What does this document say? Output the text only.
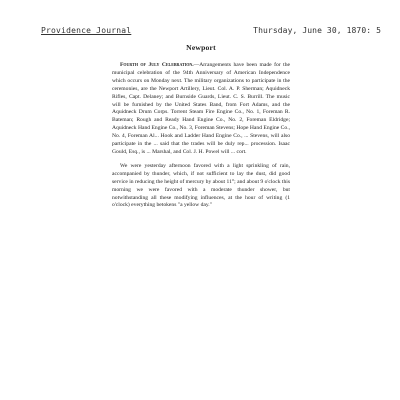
Providence Journal	Thursday, June 30, 1870: 5
Newport

Fourth of July Celebration.—Arrangements have been made for the municipal celebration of the 94th Anniversary of American Independence which occurs on Monday next. The military organizations to participate in the ceremonies, are the Newport Artillery, Lieut. Col. A. P. Sherman; Aquidneck Rifles, Capt. Delaney; and Burnside Guards, Lieut. C. S. Burrill. The music will be furnished by the United States Band, from Fort Adams, and the Aquidneck Drum Corps. Torrent Steam Fire Engine Co., No. 1, Foreman R. Bateman; Rough and Ready Hand Engine Co., No. 2, Foreman Eldridge; Aquidneck Hand Engine Co., No. 3, Foreman Stevens; Hope Hand Engine Co., No. 4, Foreman Al... Hook and Ladder Hand Engine Co., ... Stevens, will also participate in the ... said that the trades will be duly rep... procession. Isaac Gould, Esq., is ... Marshal, and Col. J. H. Powel will ... cort.

We were yesterday afternoon favored with a light sprinkling of rain, accompanied by thunder, which, if not sufficient to lay the dust, did good service in reducing the height of mercury by about 11°; and about 9 o'clock this morning we were favored with a moderate thunder shower, but notwithstanding all these modifying influences, at the hour of writing (1 o'clock) everything betokens "a yellow day."
